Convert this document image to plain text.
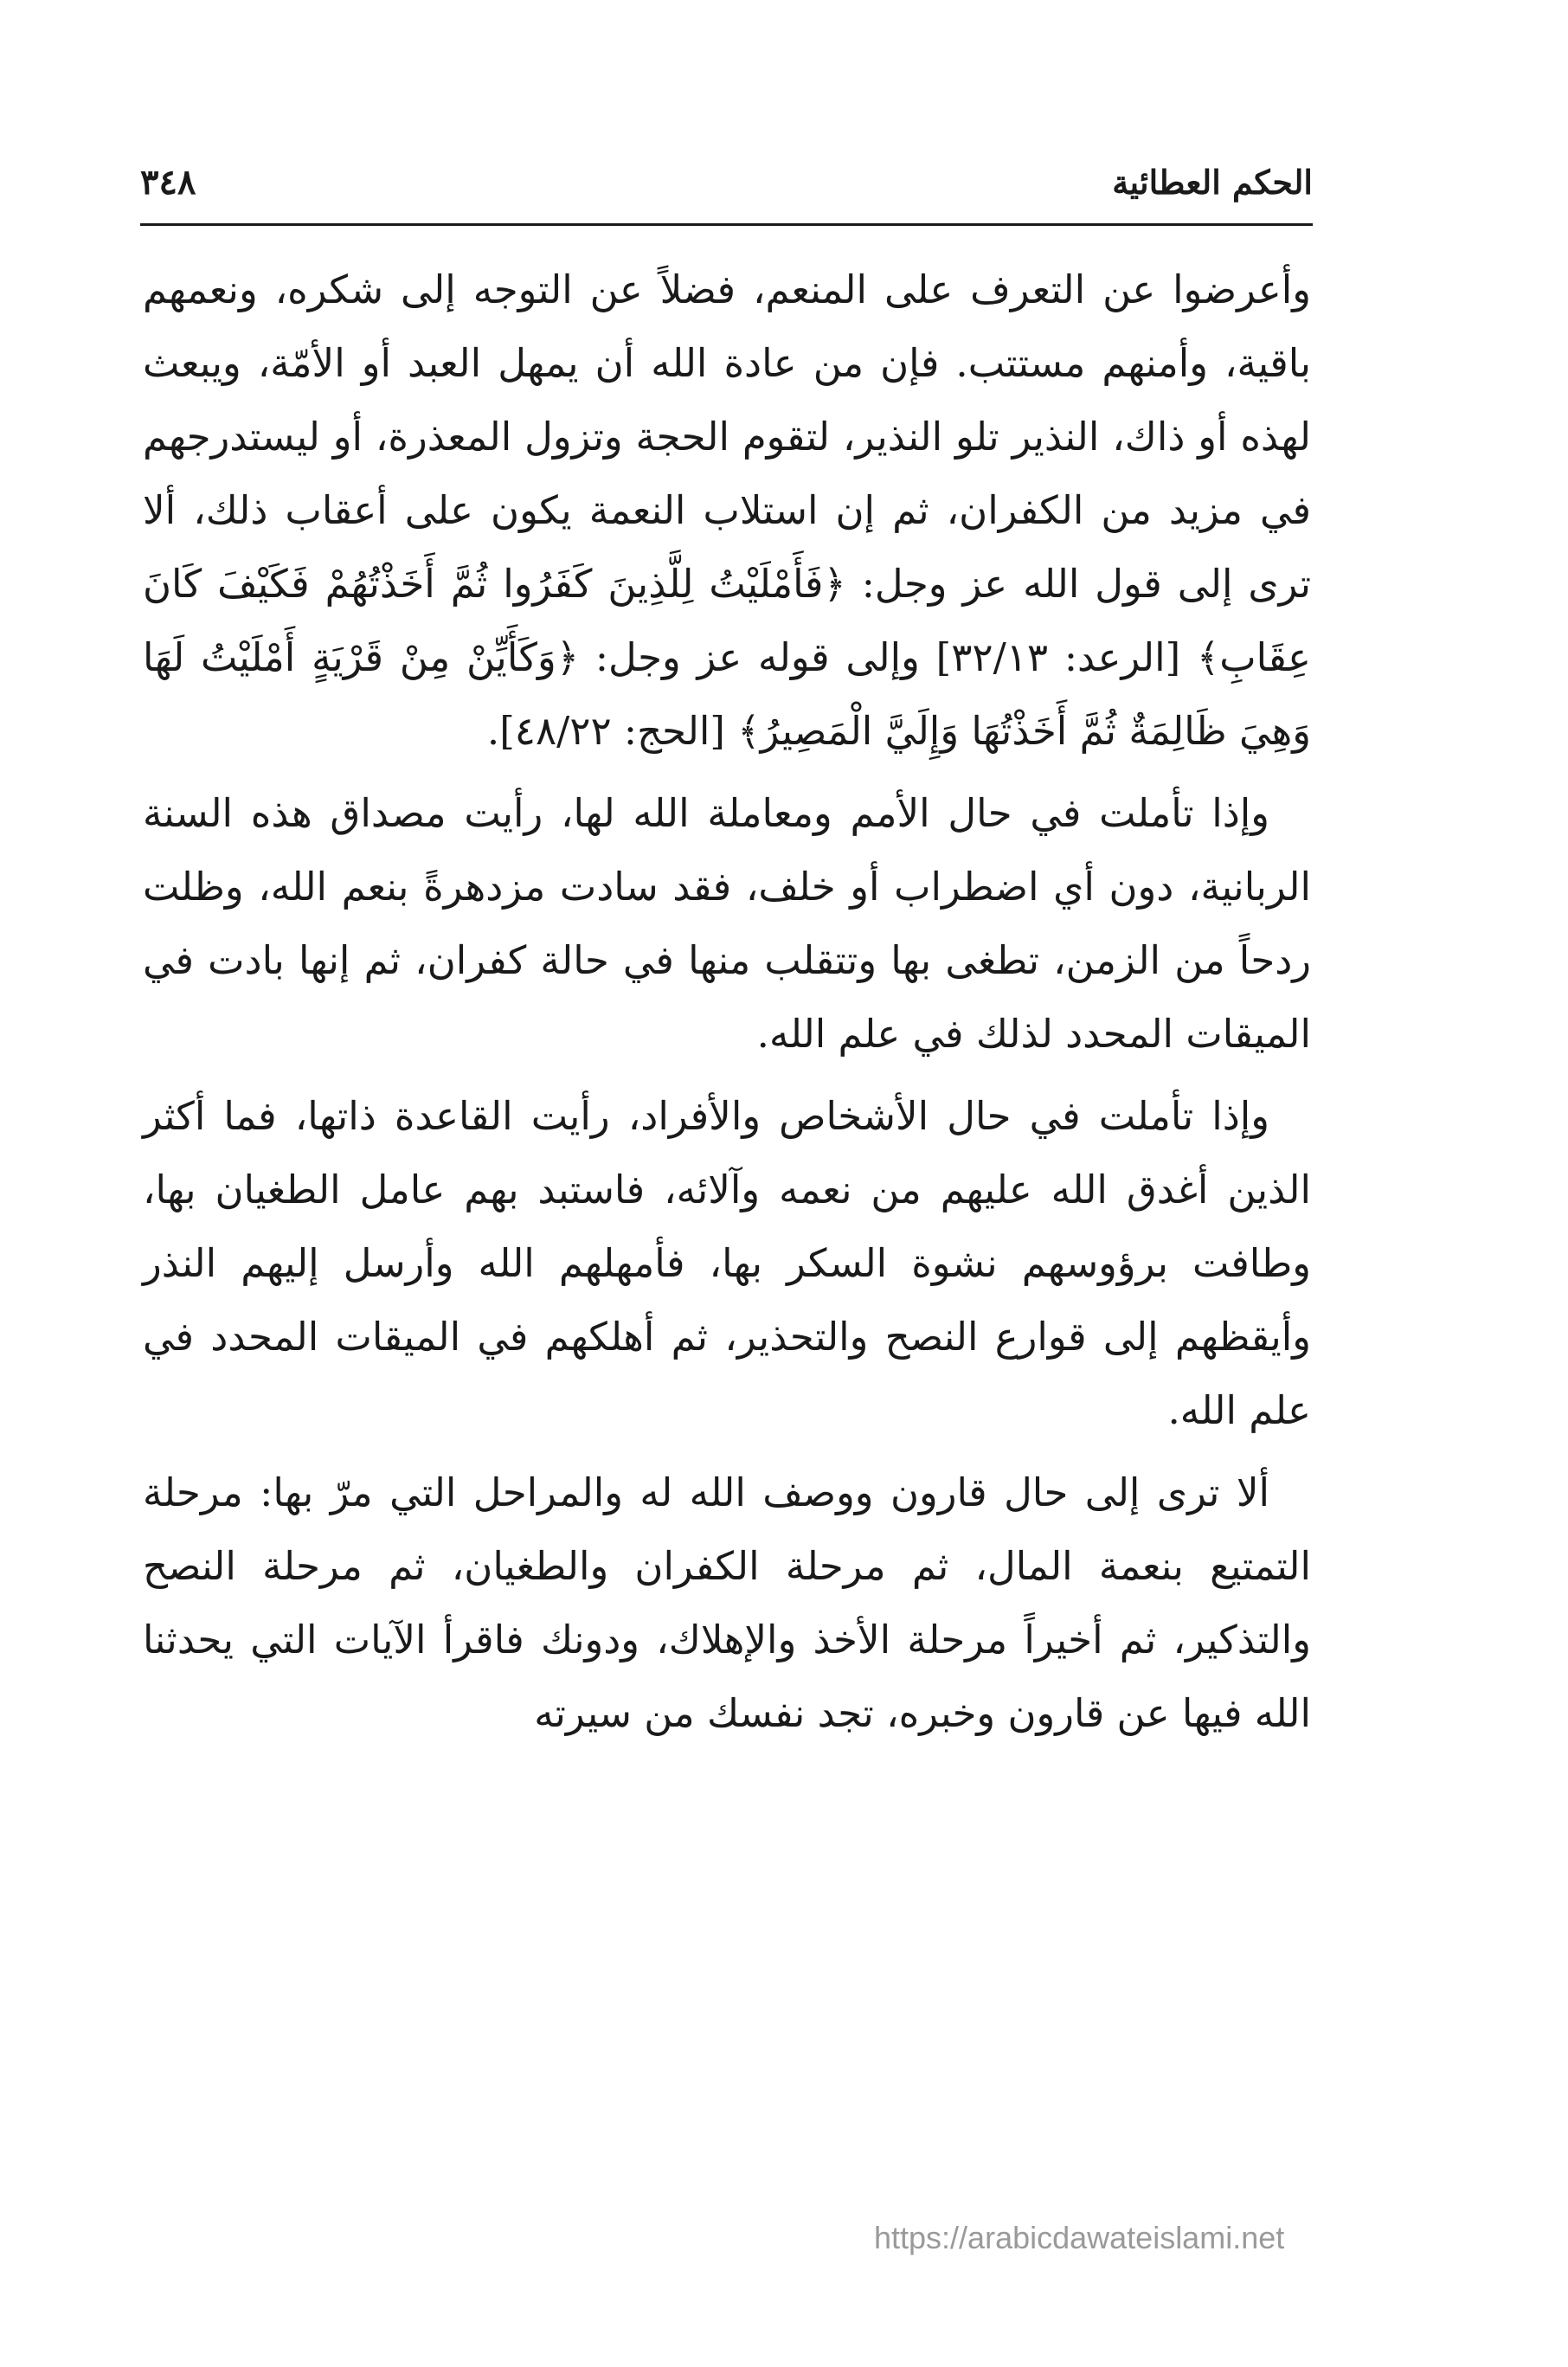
الحكم العطائية
٣٤٨

وأعرضوا عن التعرف على المنعم، فضلاً عن التوجه إلى شكره، ونعمهم باقية، وأمنهم مستتب. فإن من عادة الله أن يمهل العبد أو الأمّة، ويبعث لهذه أو ذاك، النذير تلو النذير، لتقوم الحجة وتزول المعذرة، أو ليستدرجهم في مزيد من الكفران، ثم إن استلاب النعمة يكون على أعقاب ذلك، ألا ترى إلى قول الله عز وجل: ﴿فَأَمْلَيْتُ لِلَّذِينَ كَفَرُوا ثُمَّ أَخَذْتُهُمْ فَكَيْفَ كَانَ عِقَابِ﴾ [الرعد: ٣٢/١٣] وإلى قوله عز وجل: ﴿وَكَأَيِّنْ مِنْ قَرْيَةٍ أَمْلَيْتُ لَهَا وَهِيَ ظَالِمَةٌ ثُمَّ أَخَذْتُهَا وَإِلَيَّ الْمَصِيرُ﴾ [الحج: ٤٨/٢٢].

وإذا تأملت في حال الأمم ومعاملة الله لها، رأيت مصداق هذه السنة الربانية، دون أي اضطراب أو خلف، فقد سادت مزدهرةً بنعم الله، وظلت ردحاً من الزمن، تطغى بها وتتقلب منها في حالة كفران، ثم إنها بادت في الميقات المحدد لذلك في علم الله.

وإذا تأملت في حال الأشخاص والأفراد، رأيت القاعدة ذاتها، فما أكثر الذين أغدق الله عليهم من نعمه وآلائه، فاستبد بهم عامل الطغيان بها، وطافت برؤوسهم نشوة السكر بها، فأمهلهم الله وأرسل إليهم النذر وأيقظهم إلى قوارع النصح والتحذير، ثم أهلكهم في الميقات المحدد في علم الله.

ألا ترى إلى حال قارون ووصف الله له والمراحل التي مرّ بها: مرحلة التمتيع بنعمة المال، ثم مرحلة الكفران والطغيان، ثم مرحلة النصح والتذكير، ثم أخيراً مرحلة الأخذ والإهلاك، ودونك فاقرأ الآيات التي يحدثنا الله فيها عن قارون وخبره، تجد نفسك من سيرته

https://arabicdawateislami.net
